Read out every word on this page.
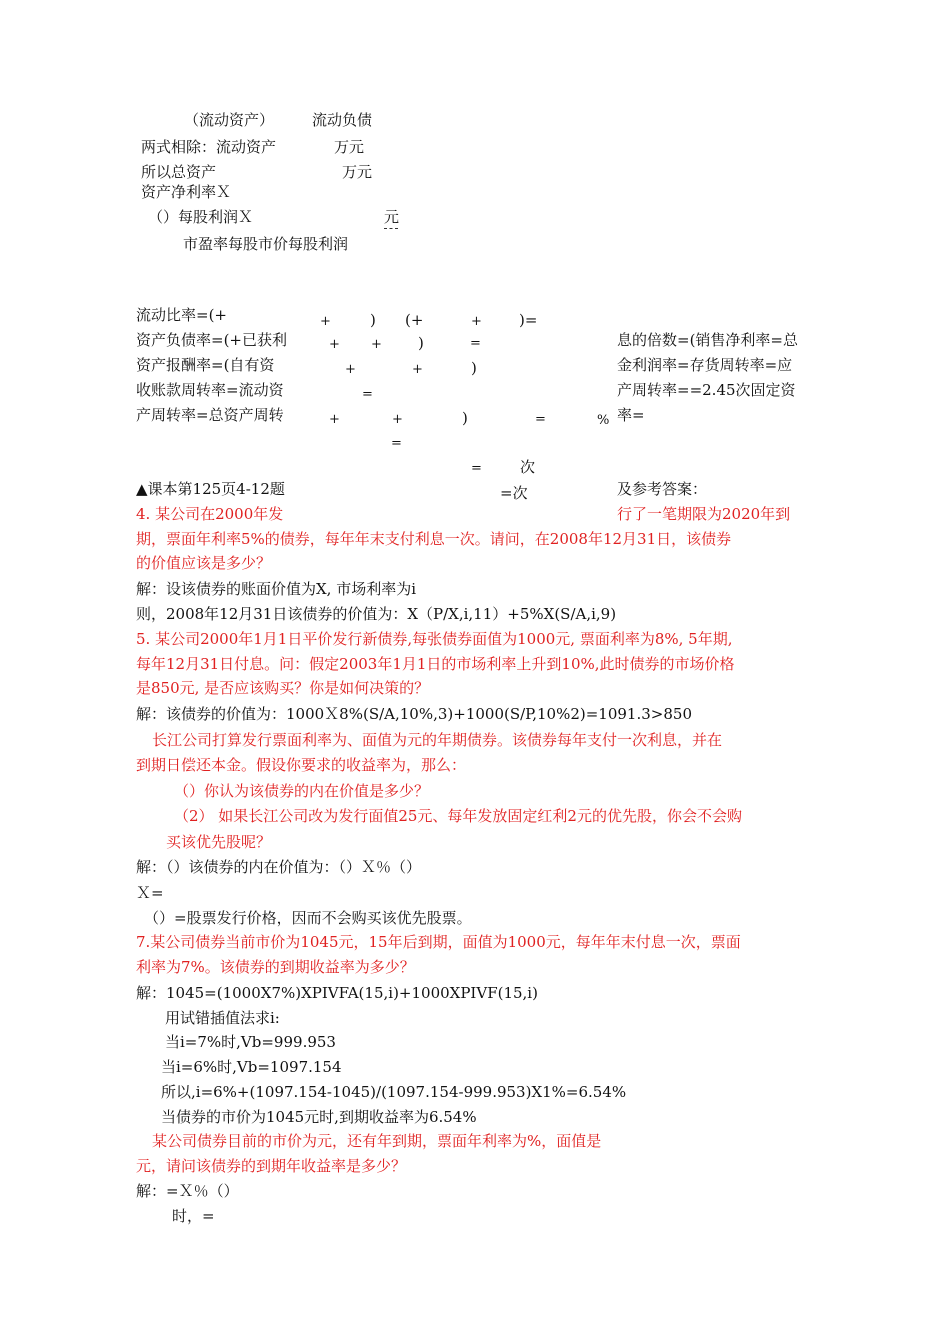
（流动资产）	流动负债
两式相除：流动资产	万元
所以总资产	万元
资产净利率Ｘ
（）每股利润Ｘ	元
市盈率每股市价每股利润
流动比率=(+
资产负债率=(+已获利
资产报酬率=(自有资
收账款周转率=流动资
产周转率=总资产周转
+	) (+	+ )=
+ + )	=
+	+	)
=
+	+	)	=	%
=
=	次
=次
息的倍数=(销售净利率=总
金利润率=存货周转率=应
产周转率==2.45次固定资
率=
▲课本第125页4-12题	及参考答案：
4. 某公司在2000年发	行了一笔期限为2020年到
期，票面年利率5%的债券，每年年末支付利息一次。请问，在2008年12月31日，该债券
的价值应该是多少？
解：设该债券的账面价值为X, 市场利率为i
则，2008年12月31日该债券的价值为：X（P/X,i,11）+5%X(S/A,i,9)
5. 某公司2000年1月1日平价发行新债券,每张债券面值为1000元, 票面利率为8%, 5年期,
每年12月31日付息。问：假定2003年1月1日的市场利率上升到10%,此时债券的市场价格
是850元, 是否应该购买？你是如何决策的？
解：该债券的价值为：1000Ｘ8%(S/A,10%,3)+1000(S/P,10%2)=1091.3>850
长江公司打算发行票面利率为、面值为元的年期债券。该债券每年支付一次利息，并在
到期日偿还本金。假设你要求的收益率为，那么：
（）你认为该债券的内在价值是多少？
（2） 如果长江公司改为发行面值25元、每年发放固定红利2元的优先股，你会不会购
买该优先股呢？
解：（）该债券的内在价值为：（）Ｘ％（）
Ｘ=
（）=股票发行价格，因而不会购买该优先股票。
7.某公司债券当前市价为1045元，15年后到期，面值为1000元，每年年末付息一次，票面
利率为7%。该债券的到期收益率为多少？
解：1045=(1000X7%)XPIVFA(15,i)+1000XPIVF(15,i)
用试错插值法求i:
当i=7%时,Vb=999.953
当i=6%时,Vb=1097.154
所以,i=6%+(1097.154-1045)/(1097.154-999.953)X1%=6.54%
当债券的市价为1045元时,到期收益率为6.54%
某公司债券目前的市价为元，还有年到期，票面年利率为%，面值是
元，请问该债券的到期年收益率是多少？
解：=Ｘ％（）
时，=
